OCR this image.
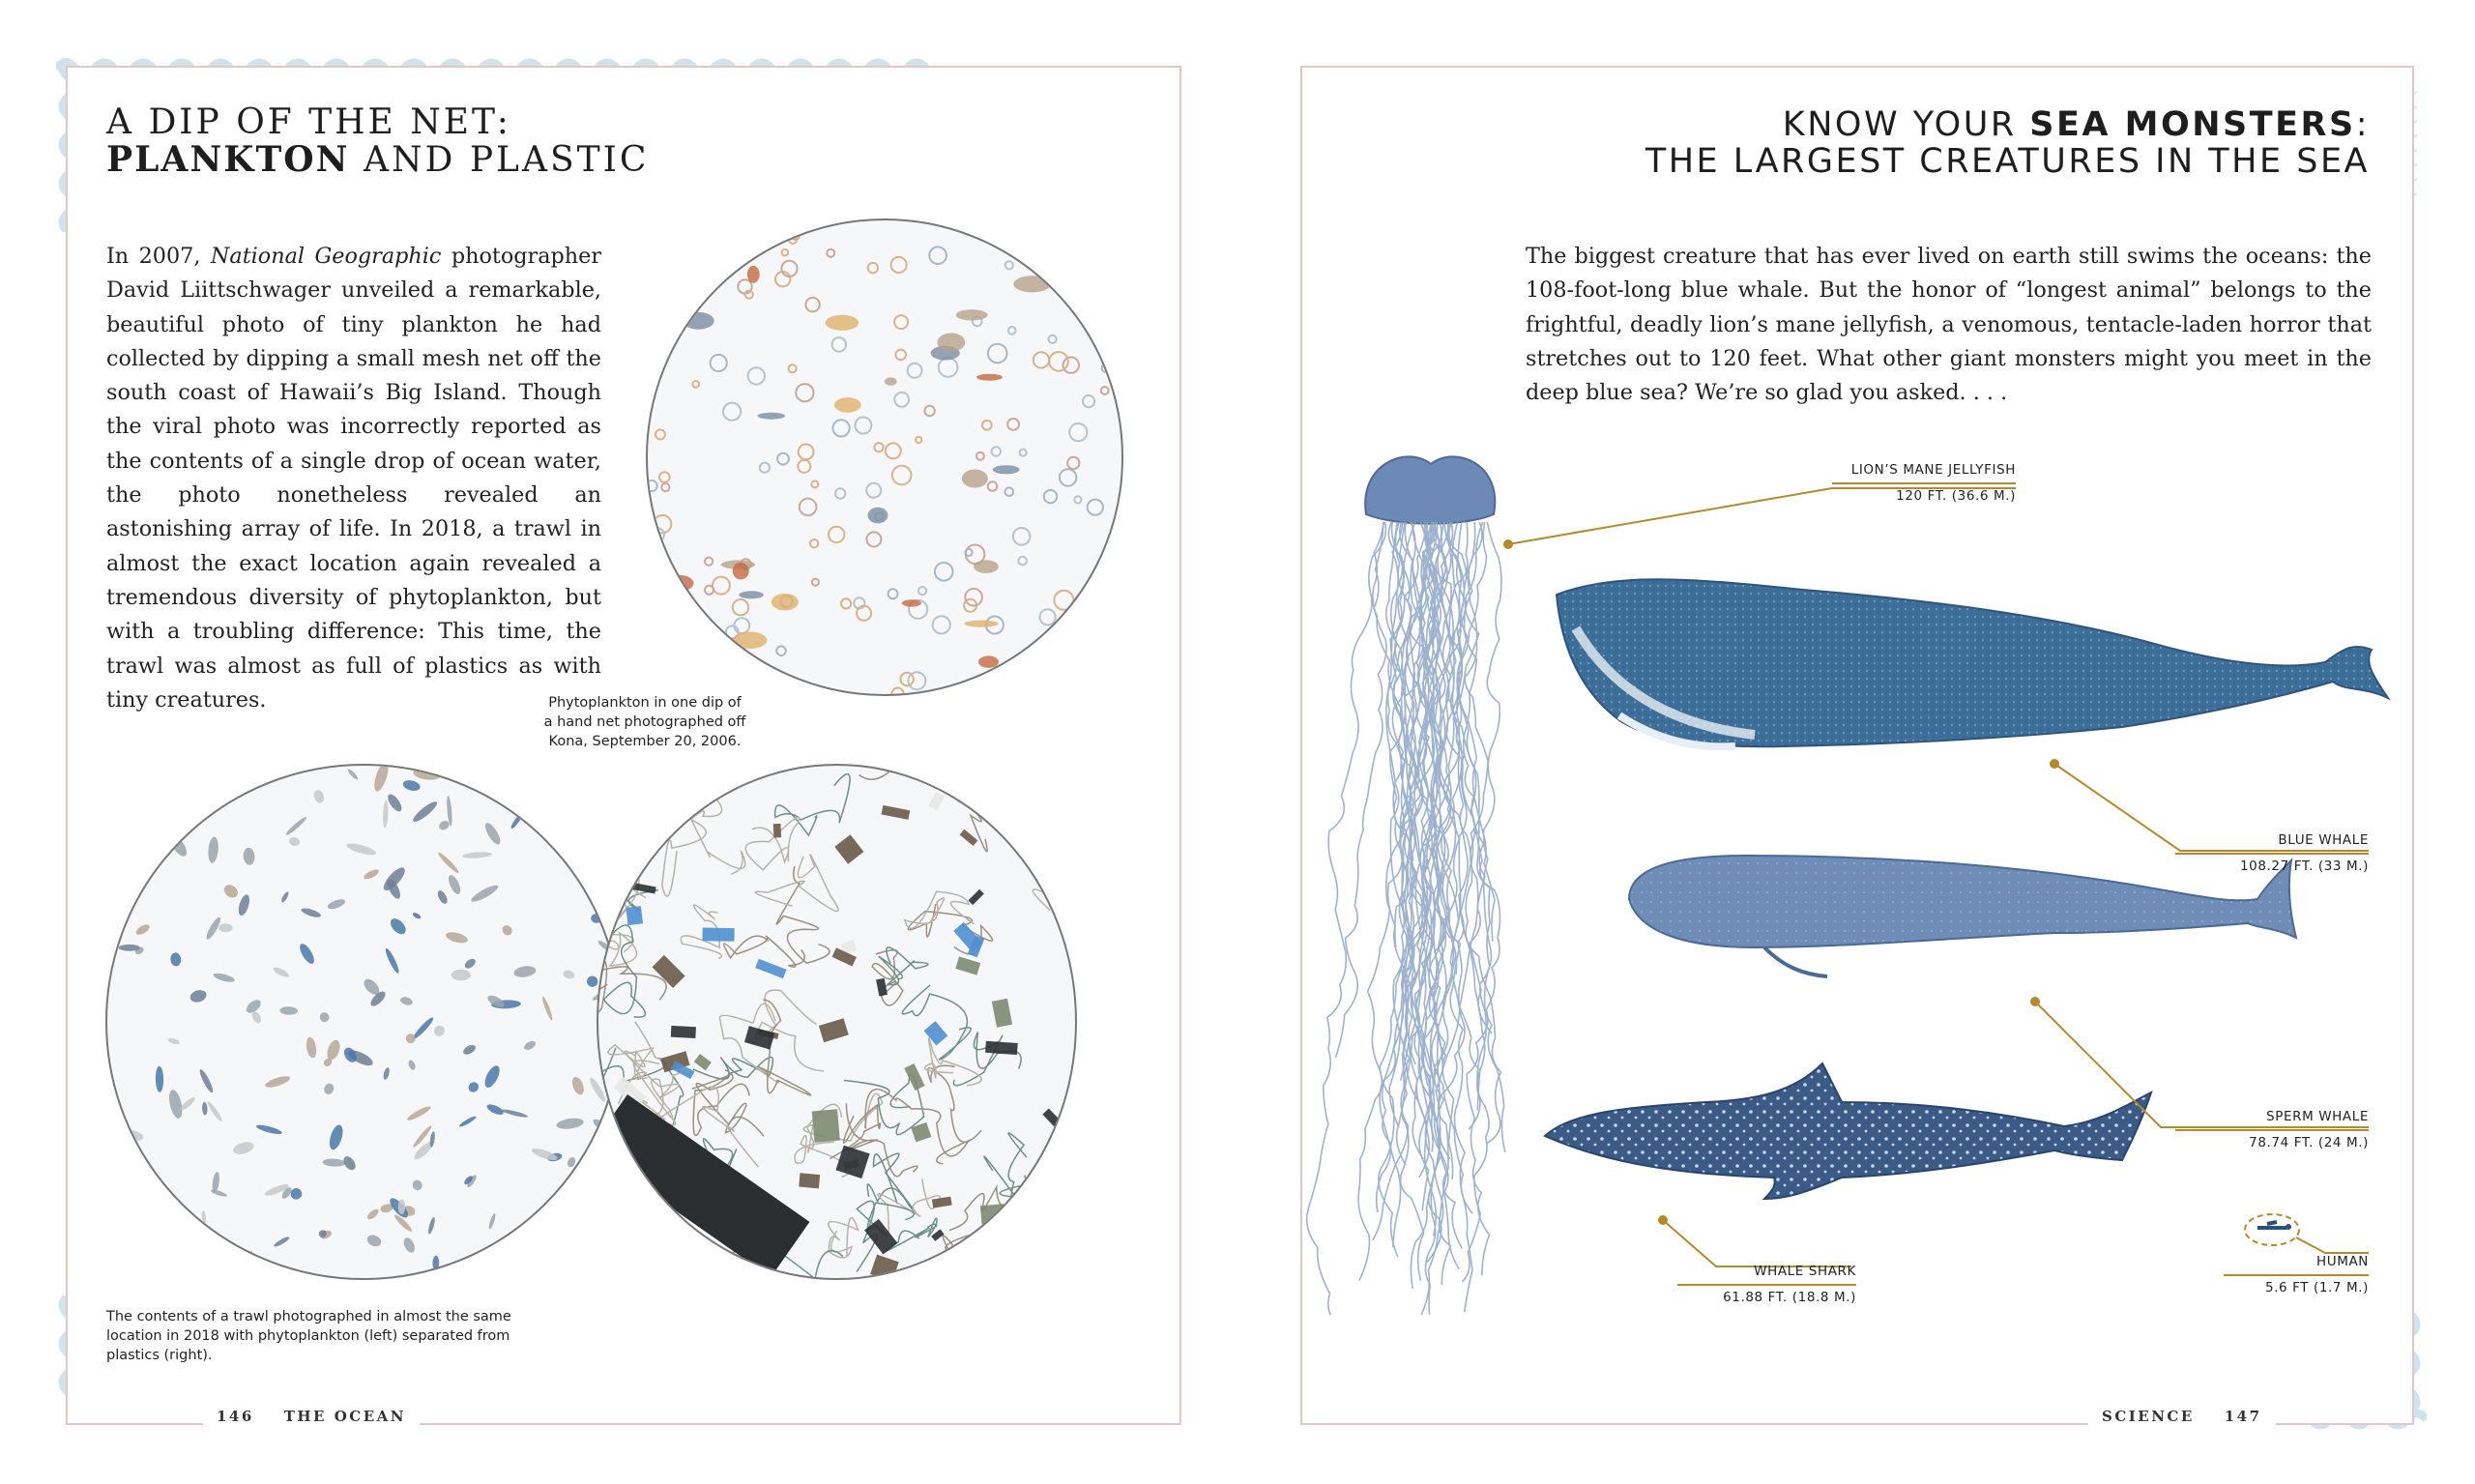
A DIP OF THE NET:
PLANKTON AND PLASTIC
In 2007, National Geographic photographer David Liittschwager unveiled a remarkable, beautiful photo of tiny plankton he had collected by dipping a small mesh net off the south coast of Hawaii’s Big Island. Though the viral photo was incorrectly reported as the contents of a single drop of ocean water, the photo nonetheless revealed an astonishing array of life. In 2018, a trawl in almost the exact location again revealed a tremendous diversity of phytoplankton, but with a troubling difference: This time, the trawl was almost as full of plastics as with tiny creatures.	Phytoplankton in one dip of a hand net photographed off Kona, September 20, 2006.
The contents of a trawl photographed in almost the same location in 2018 with phytoplankton (left) separated from plastics (right).
146 THE OCEAN
KNOW YOUR SEA MONSTERS:
THE LARGEST CREATURES IN THE SEA
The biggest creature that has ever lived on earth still swims the oceans: the 108-foot-long blue whale. But the honor of “longest animal” belongs to the frightful, deadly lion’s mane jellyfish, a venomous, tentacle-laden horror that stretches out to 120 feet. What other giant monsters might you meet in the deep blue sea? We’re so glad you asked. . . .
LION’S MANE JELLYFISH
120 FT. (36.6 M.)
BLUE WHALE
108.27 FT. (33 M.)
SPERM WHALE
78.74 FT. (24 M.)
WHALE SHARK
61.88 FT. (18.8 M.)
HUMAN
5.6 FT (1.7 M.)
SCIENCE 147
